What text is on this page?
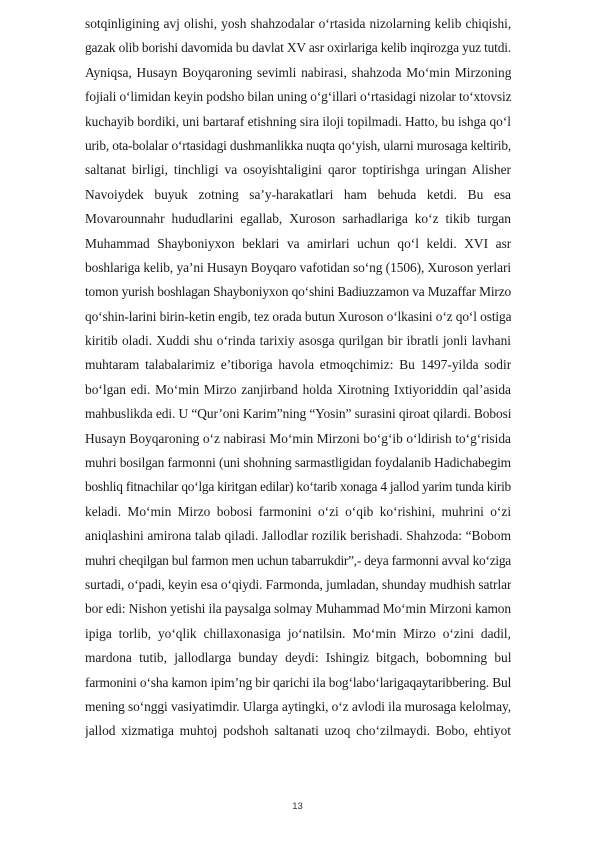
sotqinligining avj olishi, yosh shahzodalar oʻrtasida nizolarning kelib chiqishi,
gazak olib borishi davomida bu davlat XV asr oxirlariga kelib inqirozga yuz tutdi.
Ayniqsa, Husayn Boyqaroning sevimli nabirasi, shahzoda Moʻmin Mirzoning
fojiali oʻlimidan keyin podsho bilan uning oʻgʻillari oʻrtasidagi nizolar toʻxtovsiz
kuchayib bordiki, uni bartaraf etishning sira iloji topilmadi. Hatto, bu ishga qoʻl
urib, ota-bolalar oʻrtasidagi dushmanlikka nuqta qoʻyish, ularni murosaga keltirib,
saltanat birligi, tinchligi va osoyishtaligini qaror toptirishga uringan Alisher
Navoiydek buyuk zotning sa’y-harakatlari ham behuda ketdi. Bu esa
Movarounnahr hududlarini egallab, Xuroson sarhadlariga koʻz tikib turgan
Muhammad Shayboniyxon beklari va amirlari uchun qoʻl keldi. XVI asr
boshlariga kelib, ya’ni Husayn Boyqaro vafotidan soʻng (1506), Xuroson yerlari
tomon yurish boshlagan Shayboniyxon qoʻshini Badiuzzamon va Muzaffar Mirzo
qoʻshin-larini birin-ketin engib, tez orada butun Xuroson oʻlkasini oʻz qoʻl ostiga
kiritib oladi. Xuddi shu oʻrinda tarixiy asosga qurilgan bir ibratli jonli lavhani
muhtaram talabalarimiz e’tiboriga havola etmoqchimiz: Bu 1497-yilda sodir
boʻlgan edi. Moʻmin Mirzo zanjirband holda Xirotning Ixtiyoriddin qal’asida
mahbuslikda edi. U “Qur’oni Karim”ning “Yosin” surasini qiroat qilardi. Bobosi
Husayn Boyqaroning oʻz nabirasi Moʻmin Mirzoni boʻgʻib oʻldirish toʻgʻrisida
muhri bosilgan farmonni (uni shohning sarmastligidan foydalanib Hadichabegim
boshliq fitnachilar qoʻlga kiritgan edilar) koʻtarib xonaga 4 jallod yarim tunda kirib
keladi. Moʻmin Mirzo bobosi farmonini oʻzi oʻqib koʻrishini, muhrini oʻzi
aniqlashini amirona talab qiladi. Jallodlar rozilik berishadi. Shahzoda: “Bobom
muhri cheqilgan bul farmon men uchun tabarrukdir”,- deya farmonni avval koʻziga
surtadi, oʻpadi, keyin esa oʻqiydi. Farmonda, jumladan, shunday mudhish satrlar
bor edi: Nishon yetishi ila paysalga solmay Muhammad Moʻmin Mirzoni kamon
ipiga torlib, yoʻqlik chillaxonasiga joʻnatilsin. Moʻmin Mirzo oʻzini dadil,
mardona tutib, jallodlarga bunday deydi: Ishingiz bitgach, bobomning bul
farmonini oʻsha kamon ipim’ng bir qarichi ila bogʻlaboʻlarigaqaytaribbering. Bul
mening soʻnggi vasiyatimdir. Ularga aytingki, oʻz avlodi ila murosaga kelolmay,
jallod xizmatiga muhtoj podshoh saltanati uzoq choʻzilmaydi. Bobo, ehtiyot
13
